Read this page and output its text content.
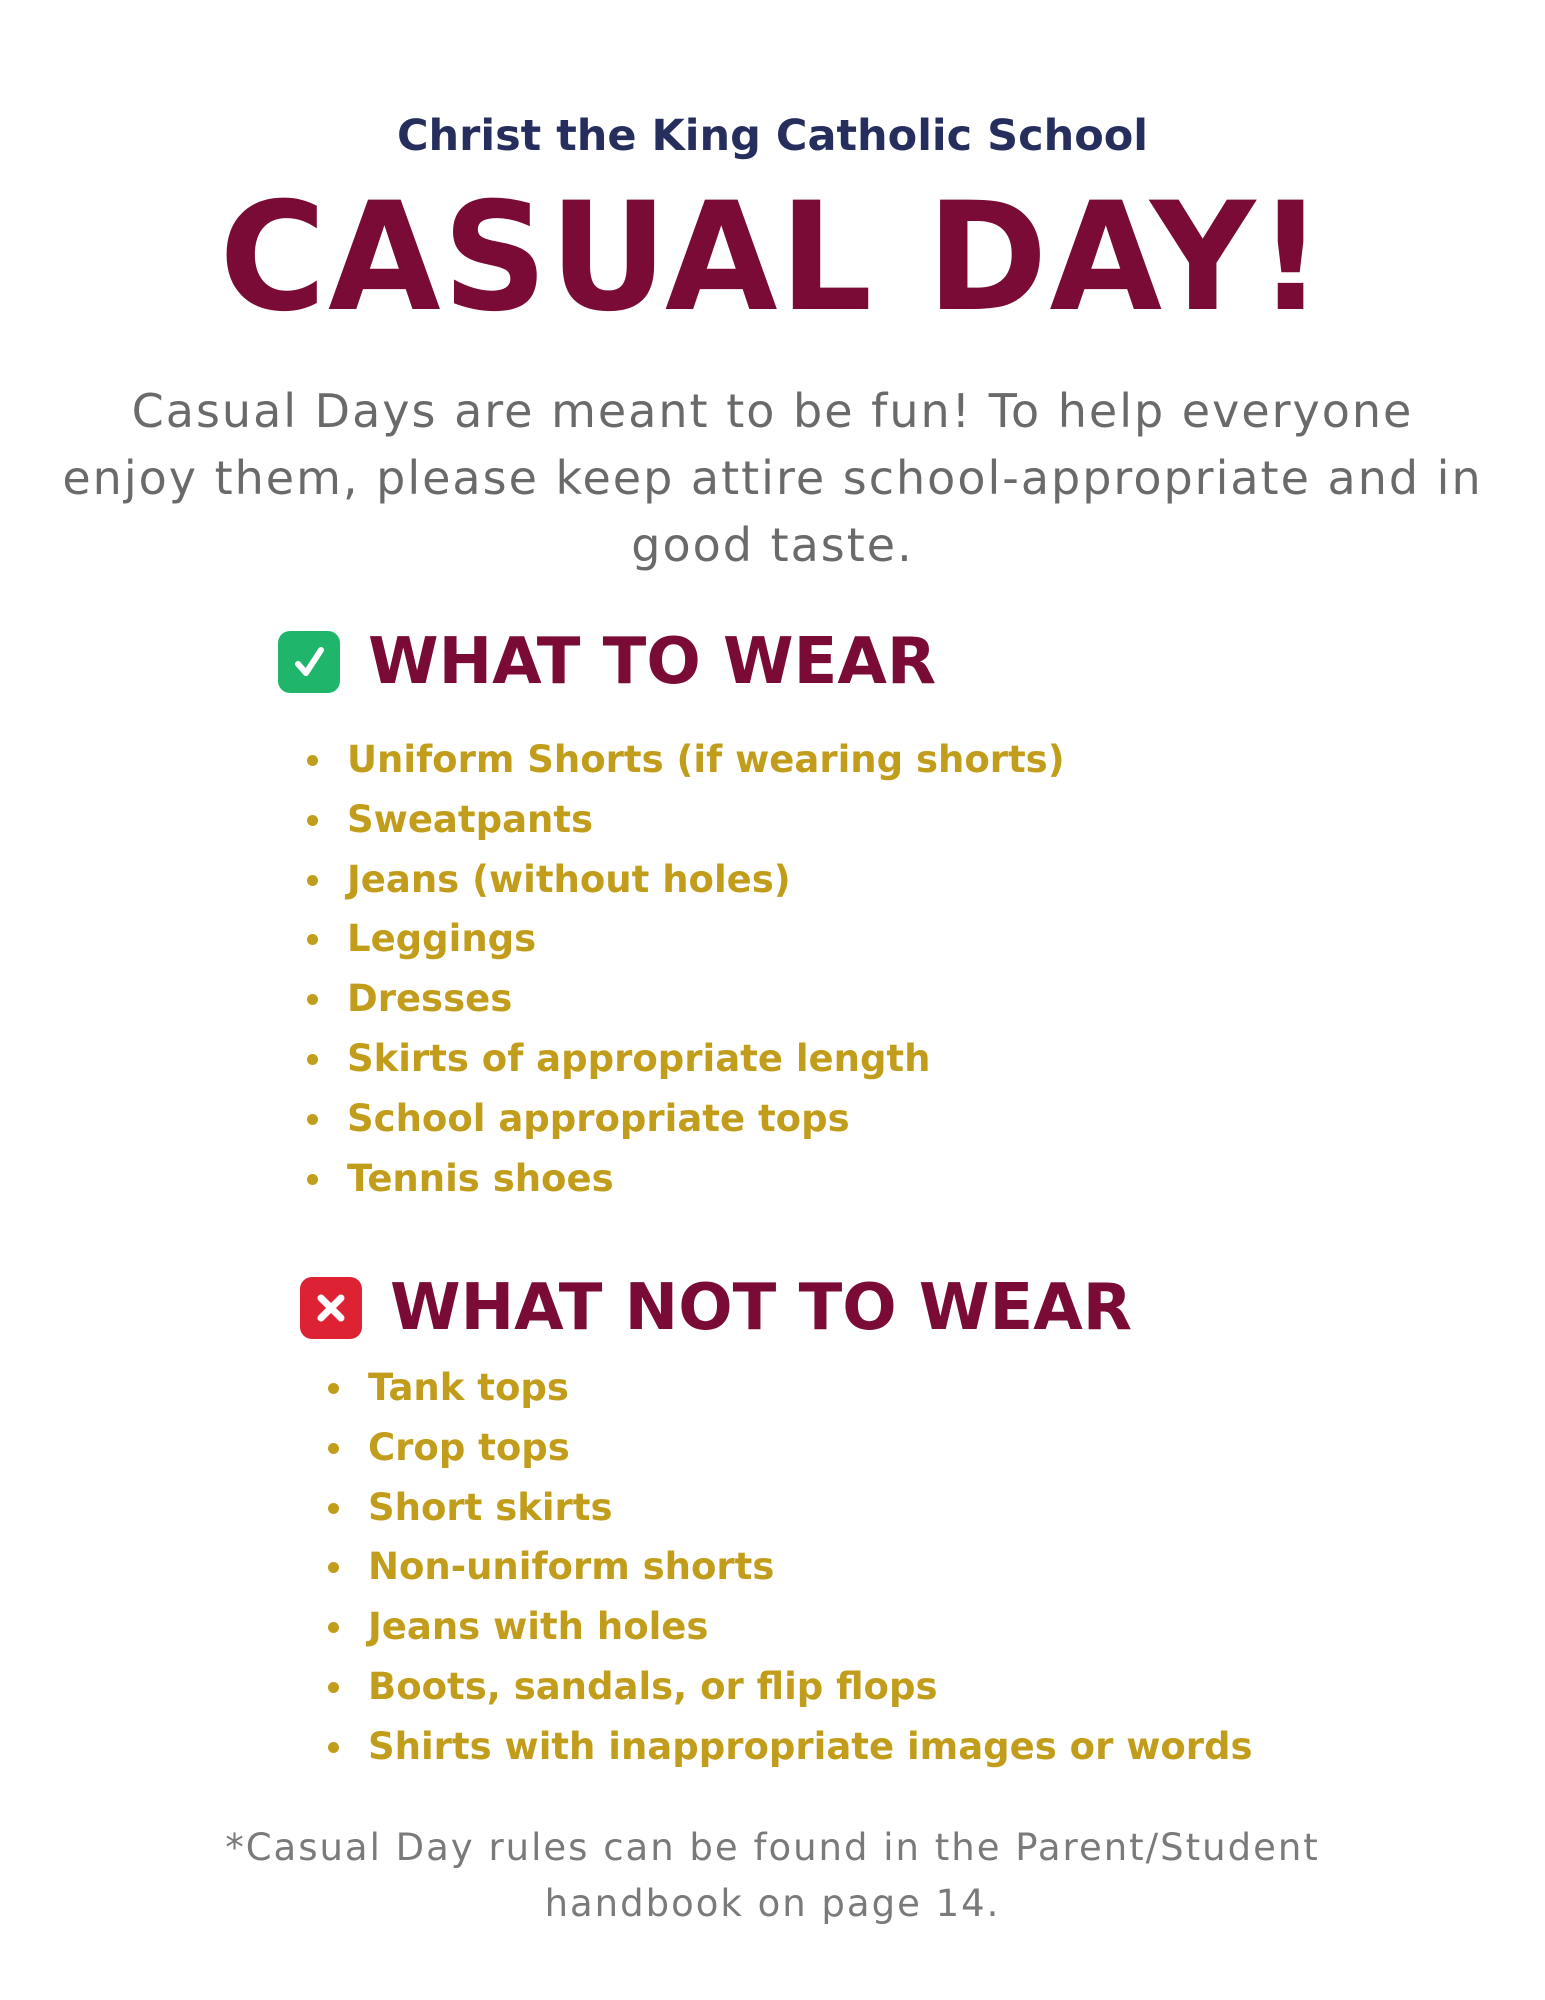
Christ the King Catholic School
CASUAL DAY!
Casual Days are meant to be fun! To help everyone enjoy them, please keep attire school-appropriate and in good taste.
WHAT TO WEAR
Uniform Shorts (if wearing shorts)
Sweatpants
Jeans (without holes)
Leggings
Dresses
Skirts of appropriate length
School appropriate tops
Tennis shoes
WHAT NOT TO WEAR
Tank tops
Crop tops
Short skirts
Non-uniform shorts
Jeans with holes
Boots, sandals, or flip flops
Shirts with inappropriate images or words
*Casual Day rules can be found in the Parent/Student
handbook on page 14.
